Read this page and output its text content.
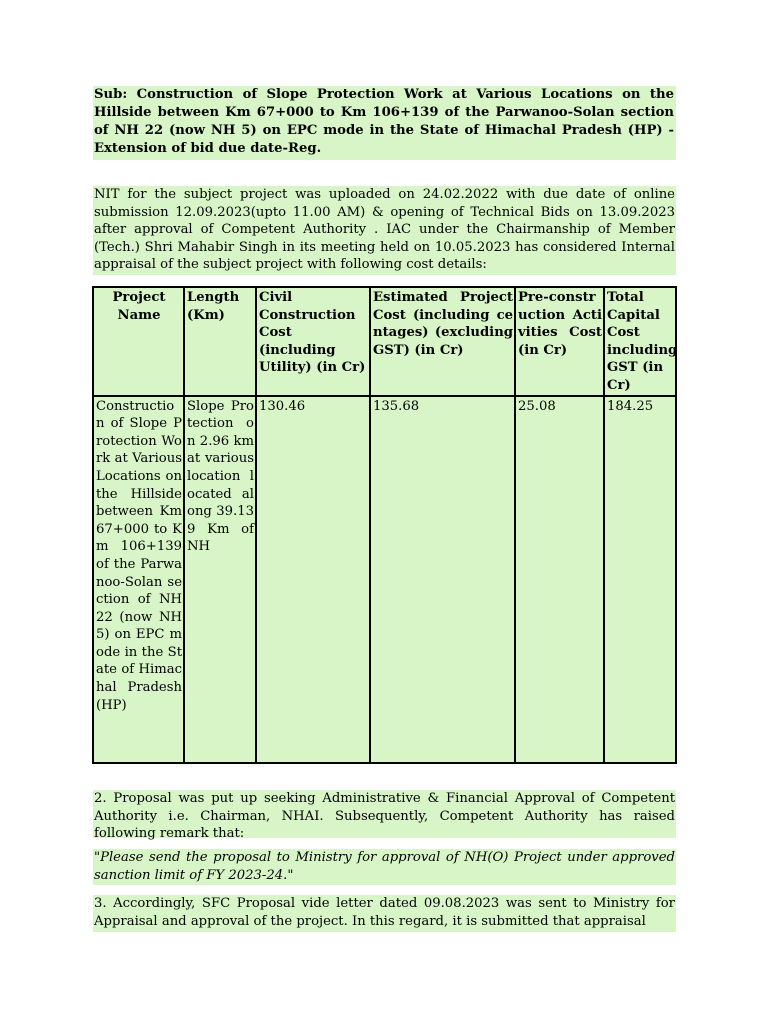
Sub: Construction of Slope Protection Work at Various Locations on the Hillside between Km 67+000 to Km 106+139 of the Parwanoo-Solan section of NH 22 (now NH 5) on EPC mode in the State of Himachal Pradesh (HP) - Extension of bid due date-Reg.
NIT for the subject project was uploaded on 24.02.2022 with due date of online submission 12.09.2023(upto 11.00 AM) & opening of Technical Bids on 13.09.2023 after approval of Competent Authority . IAC under the Chairmanship of Member (Tech.) Shri Mahabir Singh in its meeting held on 10.05.2023 has considered Internal appraisal of the subject project with following cost details:
Project Name	Length (Km)	Civil Construction Cost (including Utility) (in Cr)	Estimated Project Cost (including centages) (excluding GST) (in Cr)	Pre-construction Activities Cost (in Cr)	Total Capital Cost including GST (in Cr)
Construction of Slope Protection Work at Various Locations on the Hillside between Km 67+000 to Km 106+139 of the Parwanoo-Solan section of NH 22 (now NH 5) on EPC mode in the State of Himachal Pradesh (HP)	Slope Protection on 2.96 km at various location located along 39.139 Km of NH	130.46	135.68	25.08	184.25
2. Proposal was put up seeking Administrative & Financial Approval of Competent Authority i.e. Chairman, NHAI. Subsequently, Competent Authority has raised following remark that:
"Please send the proposal to Ministry for approval of NH(O) Project under approved sanction limit of FY 2023-24."
3. Accordingly, SFC Proposal vide letter dated 09.08.2023 was sent to Ministry for Appraisal and approval of the project. In this regard, it is submitted that appraisal
